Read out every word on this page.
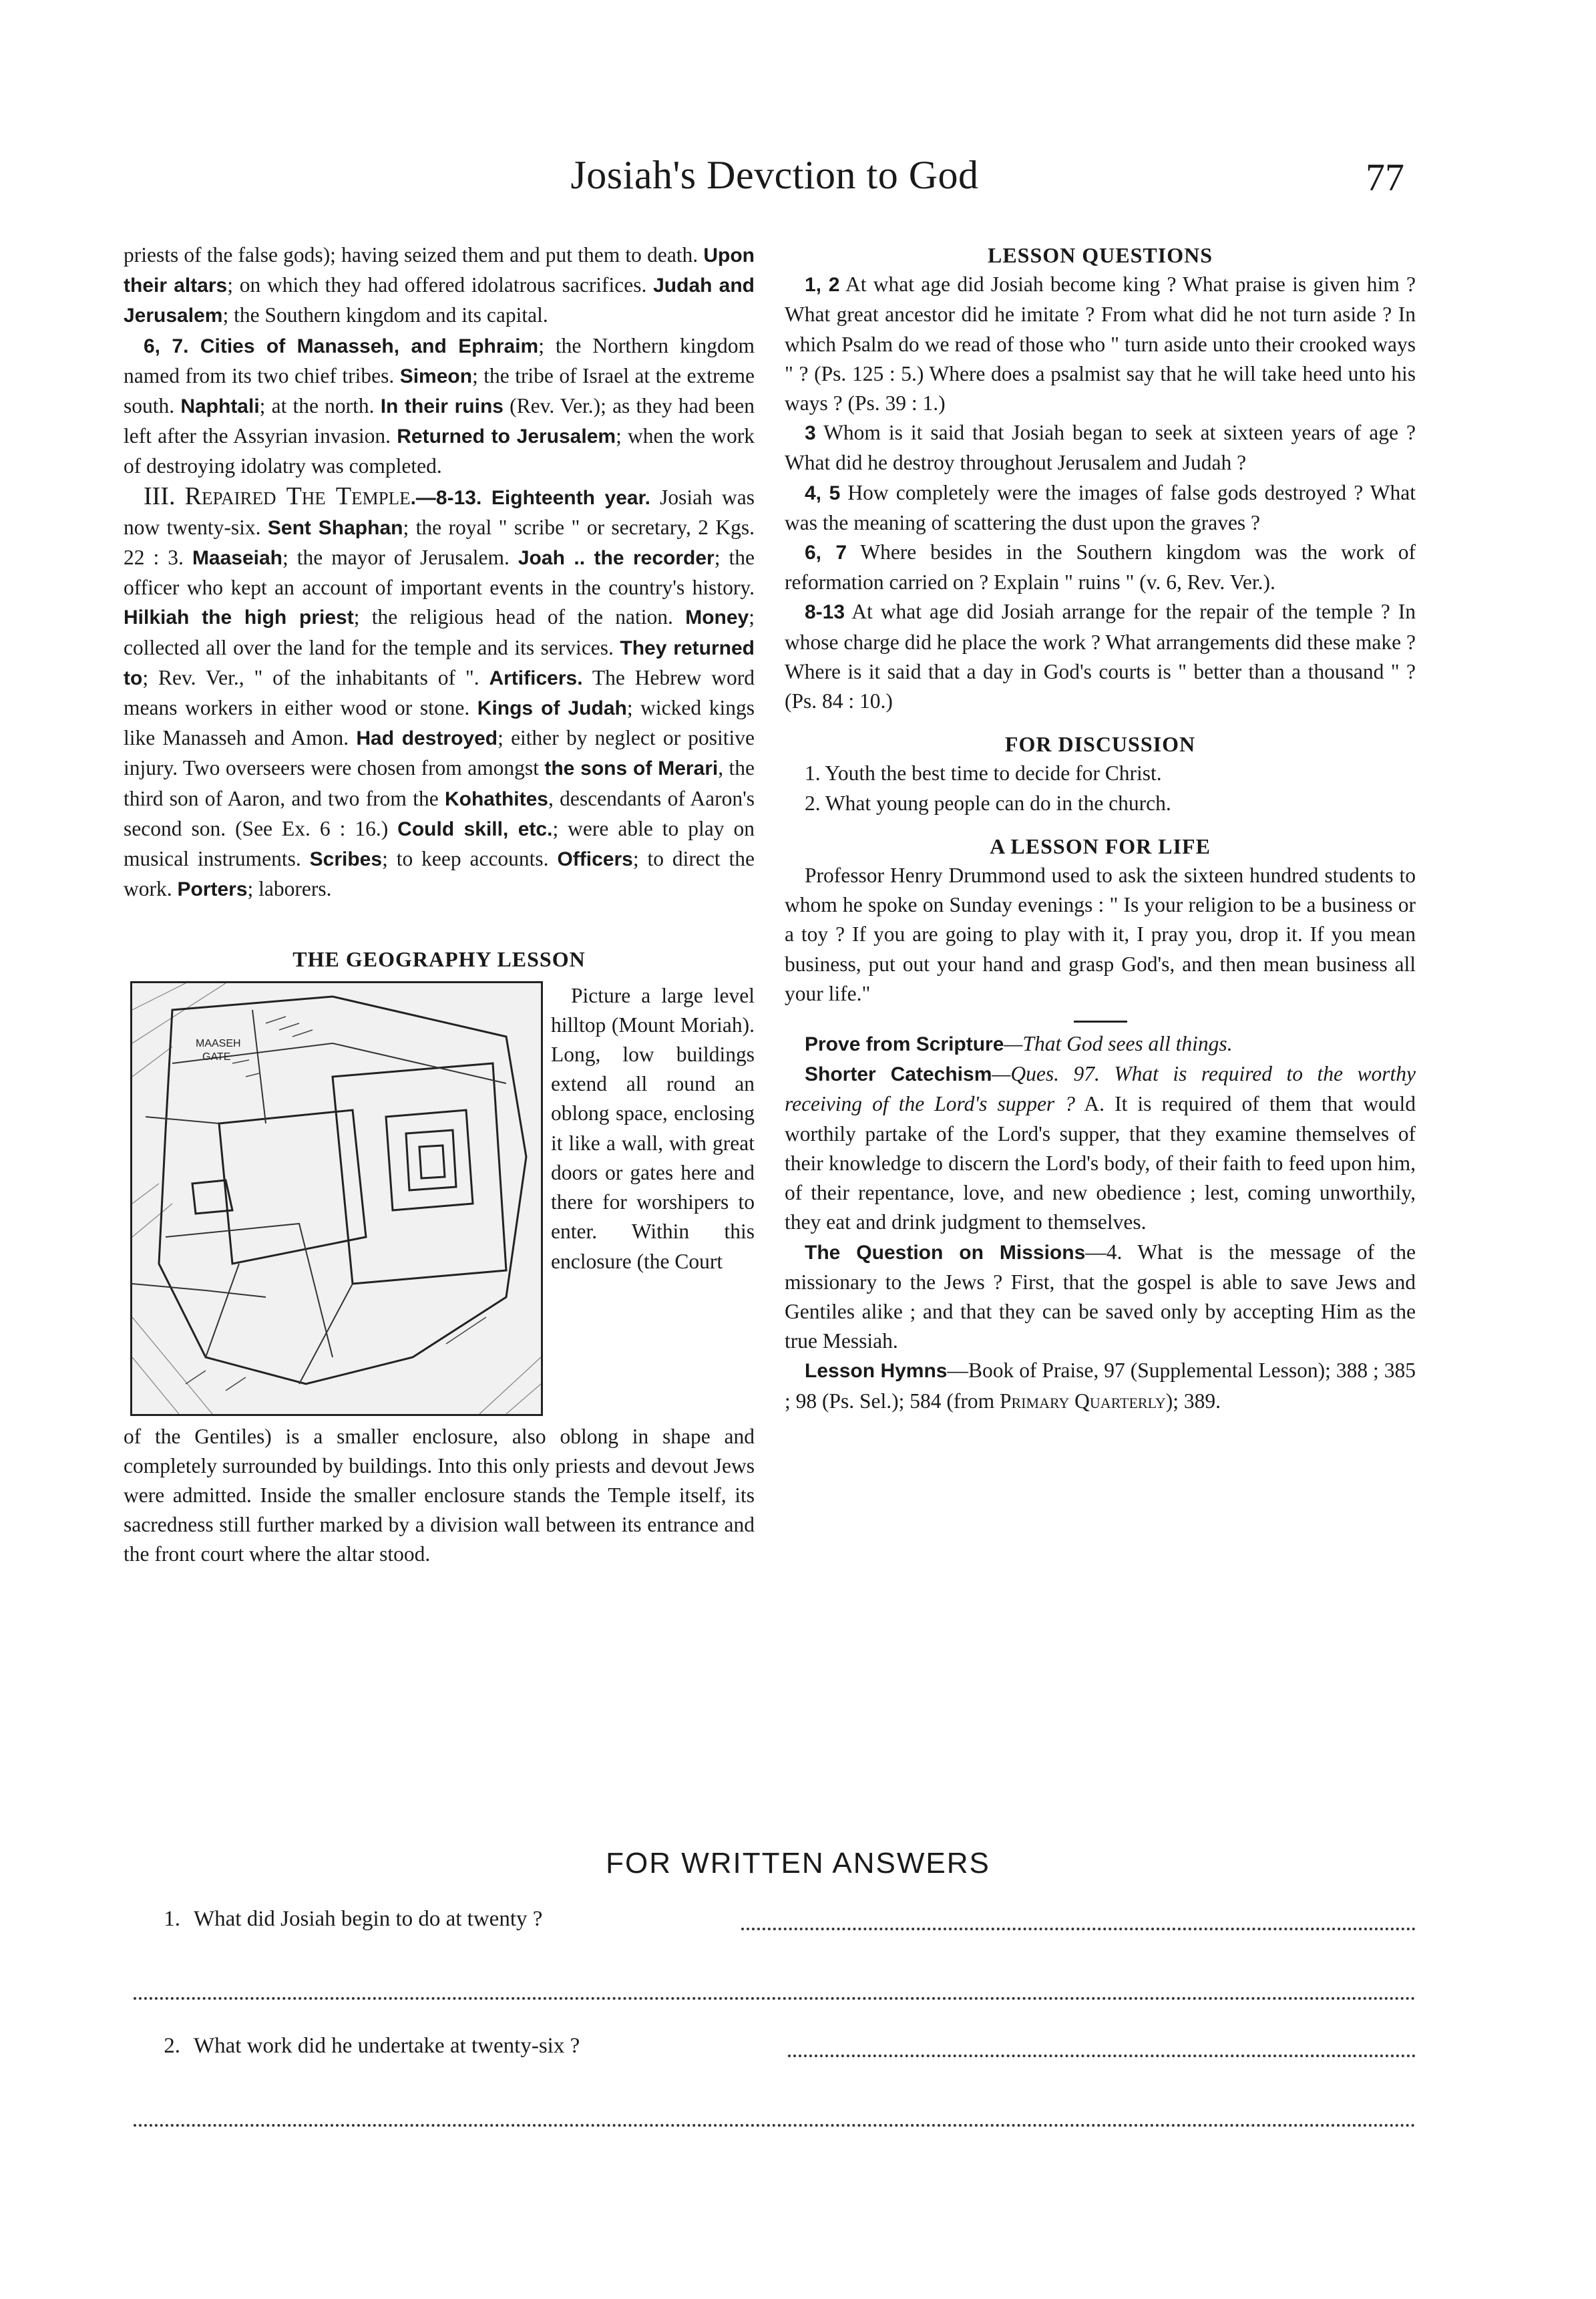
Josiah's Devction to God	77

priests of the false gods); having seized them and put them to death. Upon their altars; on which they had offered idolatrous sacrifices. Judah and Jerusalem; the Southern kingdom and its capital.

6, 7. Cities of Manasseh, and Ephraim; the Northern kingdom named from its two chief tribes. Simeon; the tribe of Israel at the extreme south. Naphtali; at the north. In their ruins (Rev. Ver.); as they had been left after the Assyrian invasion. Returned to Jerusalem; when the work of destroying idolatry was completed.

III. Repaired The Temple.—8-13. Eighteenth year. Josiah was now twenty-six. Sent Shaphan; the royal " scribe " or secretary, 2 Kgs. 22 : 3. Maaseiah; the mayor of Jerusalem. Joah .. the recorder; the officer who kept an account of important events in the country's history. Hilkiah the high priest; the religious head of the nation. Money; collected all over the land for the temple and its services. They returned to; Rev. Ver., " of the inhabitants of ". Artificers. The Hebrew word means workers in either wood or stone. Kings of Judah; wicked kings like Manasseh and Amon. Had destroyed; either by neglect or positive injury. Two overseers were chosen from amongst the sons of Merari, the third son of Aaron, and two from the Kohathites, descendants of Aaron's second son. (See Ex. 6 : 16.) Could skill, etc.; were able to play on musical instruments. Scribes; to keep accounts. Officers; to direct the work. Porters; laborers.

THE GEOGRAPHY LESSON
MAASEH
GATE

Picture a large level hilltop (Mount Moriah). Long, low buildings extend all round an oblong space, enclosing it like a wall, with great doors or gates here and there for worshipers to enter. Within this enclosure (the Court

of the Gentiles) is a smaller enclosure, also oblong in shape and completely surrounded by buildings. Into this only priests and devout Jews were admitted. Inside the smaller enclosure stands the Temple itself, its sacredness still further marked by a division wall between its entrance and the front court where the altar stood.

LESSON QUESTIONS

1, 2 At what age did Josiah become king ? What praise is given him ? What great ancestor did he imitate ? From what did he not turn aside ? In which Psalm do we read of those who " turn aside unto their crooked ways " ? (Ps. 125 : 5.) Where does a psalmist say that he will take heed unto his ways ? (Ps. 39 : 1.)

3 Whom is it said that Josiah began to seek at sixteen years of age ? What did he destroy throughout Jerusalem and Judah ?

4, 5 How completely were the images of false gods destroyed ? What was the meaning of scattering the dust upon the graves ?

6, 7 Where besides in the Southern kingdom was the work of reformation carried on ? Explain " ruins " (v. 6, Rev. Ver.).

8-13 At what age did Josiah arrange for the repair of the temple ? In whose charge did he place the work ? What arrangements did these make ? Where is it said that a day in God's courts is " better than a thousand " ? (Ps. 84 : 10.)

FOR DISCUSSION

1. Youth the best time to decide for Christ.

2. What young people can do in the church.

A LESSON FOR LIFE

Professor Henry Drummond used to ask the sixteen hundred students to whom he spoke on Sunday evenings : " Is your religion to be a business or a toy ? If you are going to play with it, I pray you, drop it. If you mean business, put out your hand and grasp God's, and then mean business all your life."

Prove from Scripture—That God sees all things.

Shorter Catechism—Ques. 97. What is required to the worthy receiving of the Lord's supper ? A. It is required of them that would worthily partake of the Lord's supper, that they examine themselves of their knowledge to discern the Lord's body, of their faith to feed upon him, of their repentance, love, and new obedience ; lest, coming unworthily, they eat and drink judgment to themselves.

The Question on Missions—4. What is the message of the missionary to the Jews ? First, that the gospel is able to save Jews and Gentiles alike ; and that they can be saved only by accepting Him as the true Messiah.

Lesson Hymns—Book of Praise, 97 (Supplemental Lesson); 388 ; 385 ; 98 (Ps. Sel.); 584 (from Primary Quarterly); 389.

FOR WRITTEN ANSWERS
1. What did Josiah begin to do at twenty ?
2. What work did he undertake at twenty-six ?
